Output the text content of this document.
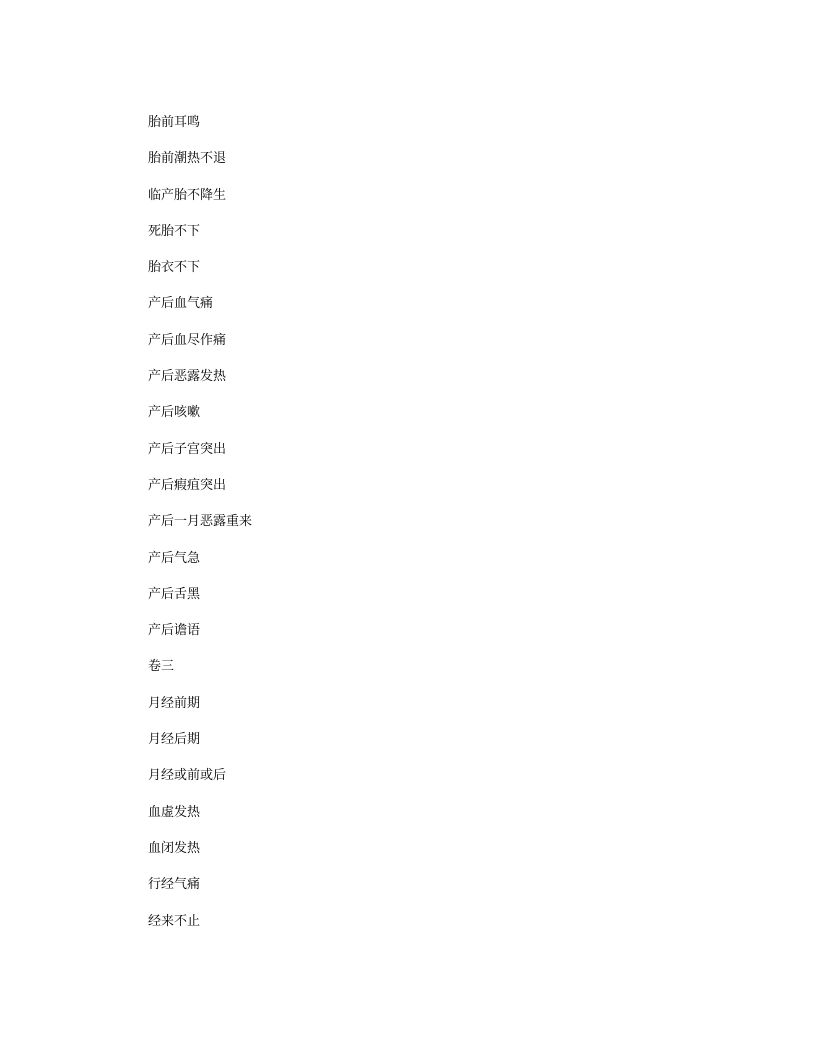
胎前耳鸣
胎前潮热不退
临产胎不降生
死胎不下
胎衣不下
产后血气痛
产后血尽作痛
产后恶露发热
产后咳嗽
产后子宫突出
产后瘕疽突出
产后一月恶露重来
产后气急
产后舌黑
产后谵语
卷三
月经前期
月经后期
月经或前或后
血虚发热
血闭发热
行经气痛
经来不止
